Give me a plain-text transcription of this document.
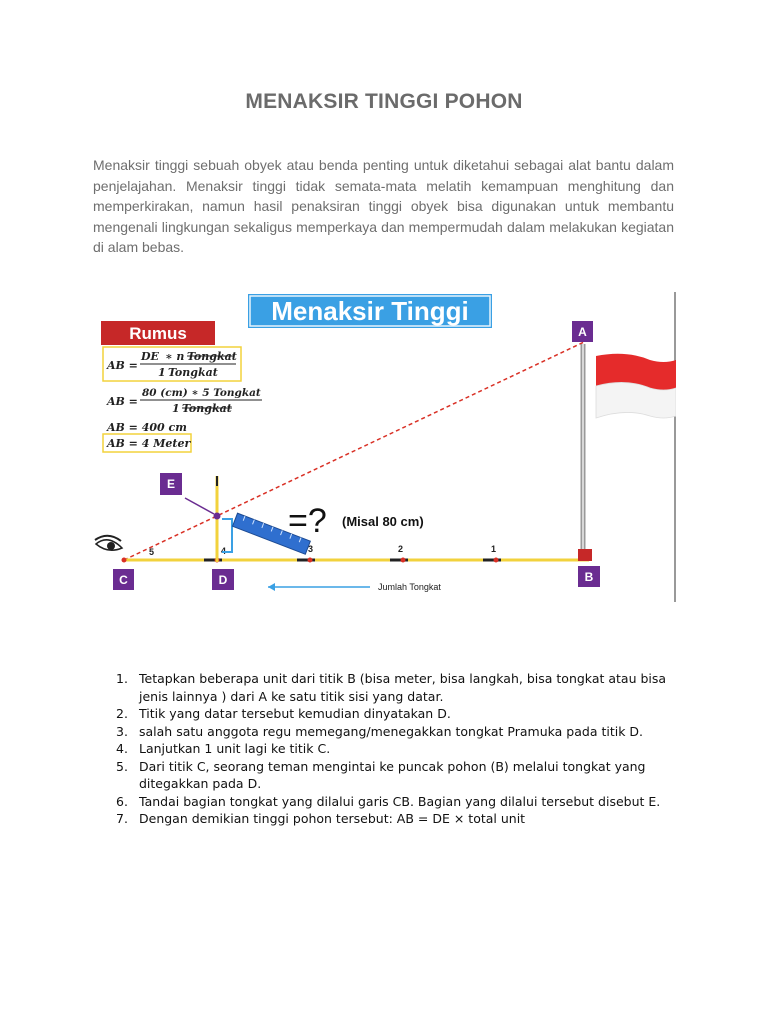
MENAKSIR TINGGI POHON

Menaksir tinggi sebuah obyek atau benda penting untuk diketahui sebagai alat bantu dalam penjelajahan. Menaksir tinggi tidak semata-mata melatih kemampuan menghitung dan memperkirakan, namun hasil penaksiran tinggi obyek bisa digunakan untuk membantu mengenali lingkungan sekaligus memperkaya dan mempermudah dalam melakukan kegiatan di alam bebas.

Menaksir Tinggi
Rumus
AB =
DE ∗ n Tongkat
1 Tongkat
AB =
80 (cm) ∗ 5 Tongkat
1 Tongkat
AB = 400 cm
AB = 4 Meter
5	4	3	2	1
=? (Misal 80 cm)
Jumlah Tongkat
A
B
C	D
E
1. Tetapkan beberapa unit dari titik B (bisa meter, bisa langkah, bisa tongkat atau bisa jenis lainnya ) dari A ke satu titik sisi yang datar.
2. Titik yang datar tersebut kemudian dinyatakan D.
3. salah satu anggota regu memegang/menegakkan tongkat Pramuka pada titik D.
4. Lanjutkan 1 unit lagi ke titik C.
5. Dari titik C, seorang teman mengintai ke puncak pohon (B) melalui tongkat yang ditegakkan pada D.
6. Tandai bagian tongkat yang dilalui garis CB. Bagian yang dilalui tersebut disebut E.
7. Dengan demikian tinggi pohon tersebut: AB = DE × total unit
